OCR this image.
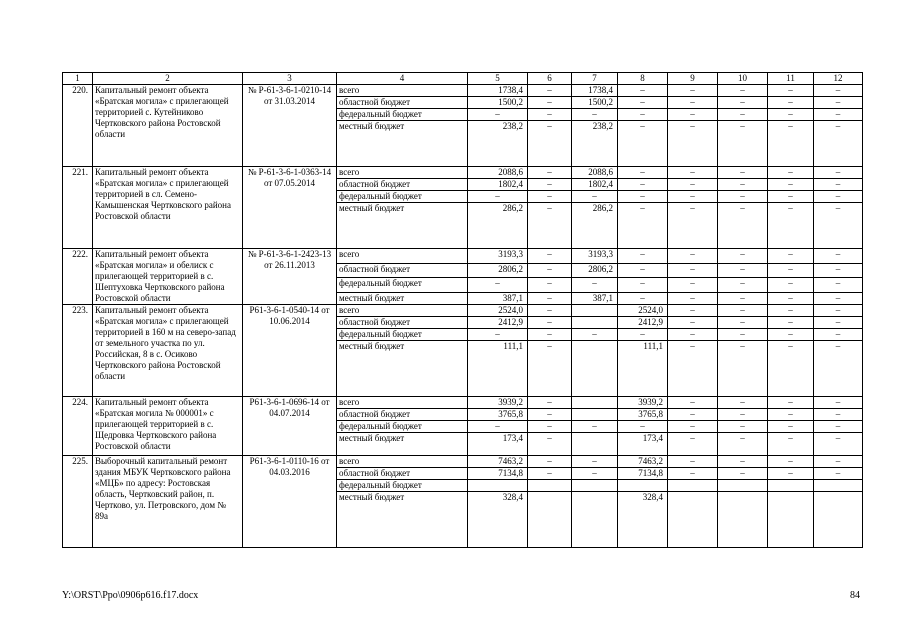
1	2	3	4	5	6	7	8	9	10	11	12
220.	Капитальный ремонт объекта «Братская могила» с прилегающей территорией с. Кутейниково Чертковского района Ростовской области	№ Р-61-3-6-1-0210-14 от 31.03.2014	всего	1738,4	–	1738,4	–	–	–	–	–
			областной бюджет	1500,2	–	1500,2	–	–	–	–	–
			федеральный бюджет	–	–	–	–	–	–	–	–
			местный бюджет	238,2	–	238,2	–	–	–	–	–
221.	Капитальный ремонт объекта «Братская могила» с прилегающей территорией в сл. Семено-Камышенская Чертковского района Ростовской области	№ Р-61-3-6-1-0363-14 от 07.05.2014	всего	2088,6	–	2088,6	–	–	–	–	–
			областной бюджет	1802,4	–	1802,4	–	–	–	–	–
			федеральный бюджет	–	–	–	–	–	–	–	–
			местный бюджет	286,2	–	286,2	–	–	–	–	–
222.	Капитальный ремонт объекта «Братская могила» и обелиск с прилегающей территорией в с. Шептуховка Чертковского района Ростовской области	№ Р-61-3-6-1-2423-13 от 26.11.2013	всего	3193,3	–	3193,3	–	–	–	–	–
			областной бюджет	2806,2	–	2806,2	–	–	–	–	–
			федеральный бюджет	–	–	–	–	–	–	–	–
			местный бюджет	387,1	–	387,1	–	–	–	–	–
223.	Капитальный ремонт объекта «Братская могила» с прилегающей территорией в 160 м на северо-запад от земельного участка по ул. Российская, 8 в с. Осиково Чертковского района Ростовской области	Р61-3-6-1-0540-14 от 10.06.2014	всего	2524,0	–		2524,0	–	–	–	–
			областной бюджет	2412,9	–		2412,9	–	–	–	–
			федеральный бюджет	–	–	–	–	–	–	–	–
			местный бюджет	111,1	–		111,1	–	–	–	–
224.	Капитальный ремонт объекта «Братская могила № 000001» с прилегающей территорией в с. Щедровка Чертковского района Ростовской области	Р61-3-6-1-0696-14 от 04.07.2014	всего	3939,2	–		3939,2	–	–	–	–
			областной бюджет	3765,8	–		3765,8	–	–	–	–
			федеральный бюджет	–	–	–	–	–	–	–	–
			местный бюджет	173,4	–		173,4	–	–	–	–
225.	Выборочный капитальный ремонт здания МБУК Чертковского района «МЦБ» по адресу: Ростовская область, Чертковский район, п. Чертково, ул. Петровского, дом № 89а	Р61-3-6-1-0110-16 от 04.03.2016	всего	7463,2	–	–	7463,2	–	–	–	–
			областной бюджет	7134,8	–	–	7134,8	–	–	–	–
			федеральный бюджет								
			местный бюджет	328,4			328,4				
Y:\ORST\Ppo\0906p616.f17.docx	84
